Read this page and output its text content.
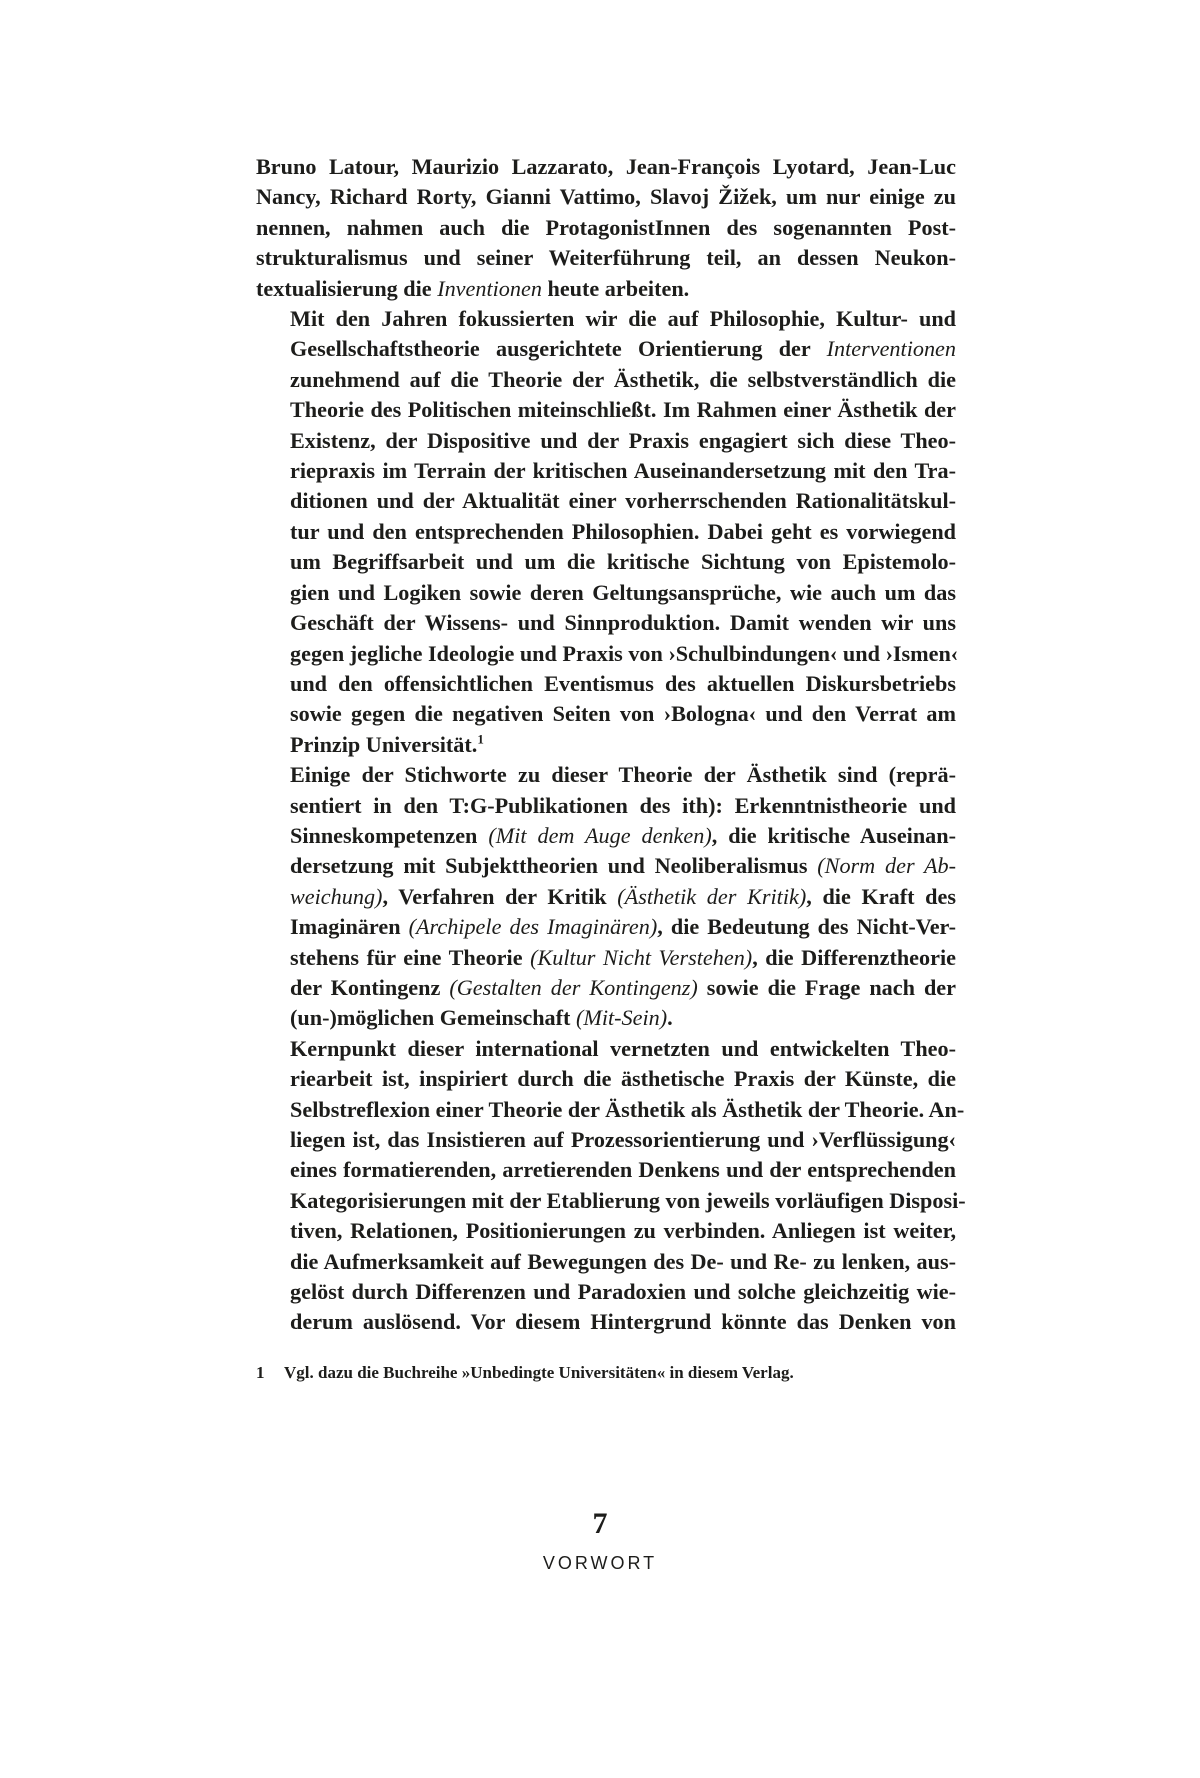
Bruno Latour, Maurizio Lazzarato, Jean-François Lyotard, Jean-Luc
Nancy, Richard Rorty, Gianni Vattimo, Slavoj Žižek, um nur einige zu
nennen, nahmen auch die ProtagonistInnen des sogenannten Post-
strukturalismus und seiner Weiterführung teil, an dessen Neukon-
textualisierung die Inventionen heute arbeiten.

Mit den Jahren fokussierten wir die auf Philosophie, Kultur- und
Gesellschaftstheorie ausgerichtete Orientierung der Interventionen
zunehmend auf die Theorie der Ästhetik, die selbstverständlich die
Theorie des Politischen miteinschließt. Im Rahmen einer Ästhetik der
Existenz, der Dispositive und der Praxis engagiert sich diese Theo-
riepraxis im Terrain der kritischen Auseinandersetzung mit den Tra-
ditionen und der Aktualität einer vorherrschenden Rationalitätskul-
tur und den entsprechenden Philosophien. Dabei geht es vorwiegend
um Begriffsarbeit und um die kritische Sichtung von Epistemolo-
gien und Logiken sowie deren Geltungsansprüche, wie auch um das
Geschäft der Wissens- und Sinnproduktion. Damit wenden wir uns
gegen jegliche Ideologie und Praxis von ›Schulbindungen‹ und ›Ismen‹
und den offensichtlichen Eventismus des aktuellen Diskursbetriebs
sowie gegen die negativen Seiten von ›Bologna‹ und den Verrat am
Prinzip Universität.$^1$

Einige der Stichworte zu dieser Theorie der Ästhetik sind (reprä-
sentiert in den T:G-Publikationen des ith): Erkenntnistheorie und
Sinneskompetenzen (Mit dem Auge denken), die kritische Auseinan-
dersetzung mit Subjekttheorien und Neoliberalismus (Norm der Ab-
weichung), Verfahren der Kritik (Ästhetik der Kritik), die Kraft des
Imaginären (Archipele des Imaginären), die Bedeutung des Nicht-Ver-
stehens für eine Theorie (Kultur Nicht Verstehen), die Differenztheorie
der Kontingenz (Gestalten der Kontingenz) sowie die Frage nach der
(un-)möglichen Gemeinschaft (Mit-Sein).

Kernpunkt dieser international vernetzten und entwickelten Theo-
riearbeit ist, inspiriert durch die ästhetische Praxis der Künste, die
Selbstreflexion einer Theorie der Ästhetik als Ästhetik der Theorie. An-
liegen ist, das Insistieren auf Prozessorientierung und ›Verflüssigung‹
eines formatierenden, arretierenden Denkens und der entsprechenden
Kategorisierungen mit der Etablierung von jeweils vorläufigen Disposi-
tiven, Relationen, Positionierungen zu verbinden. Anliegen ist weiter,
die Aufmerksamkeit auf Bewegungen des De- und Re- zu lenken, aus-
gelöst durch Differenzen und Paradoxien und solche gleichzeitig wie-
derum auslösend. Vor diesem Hintergrund könnte das Denken von

1 Vgl. dazu die Buchreihe »Unbedingte Universitäten« in diesem Verlag.
7
VORWORT
